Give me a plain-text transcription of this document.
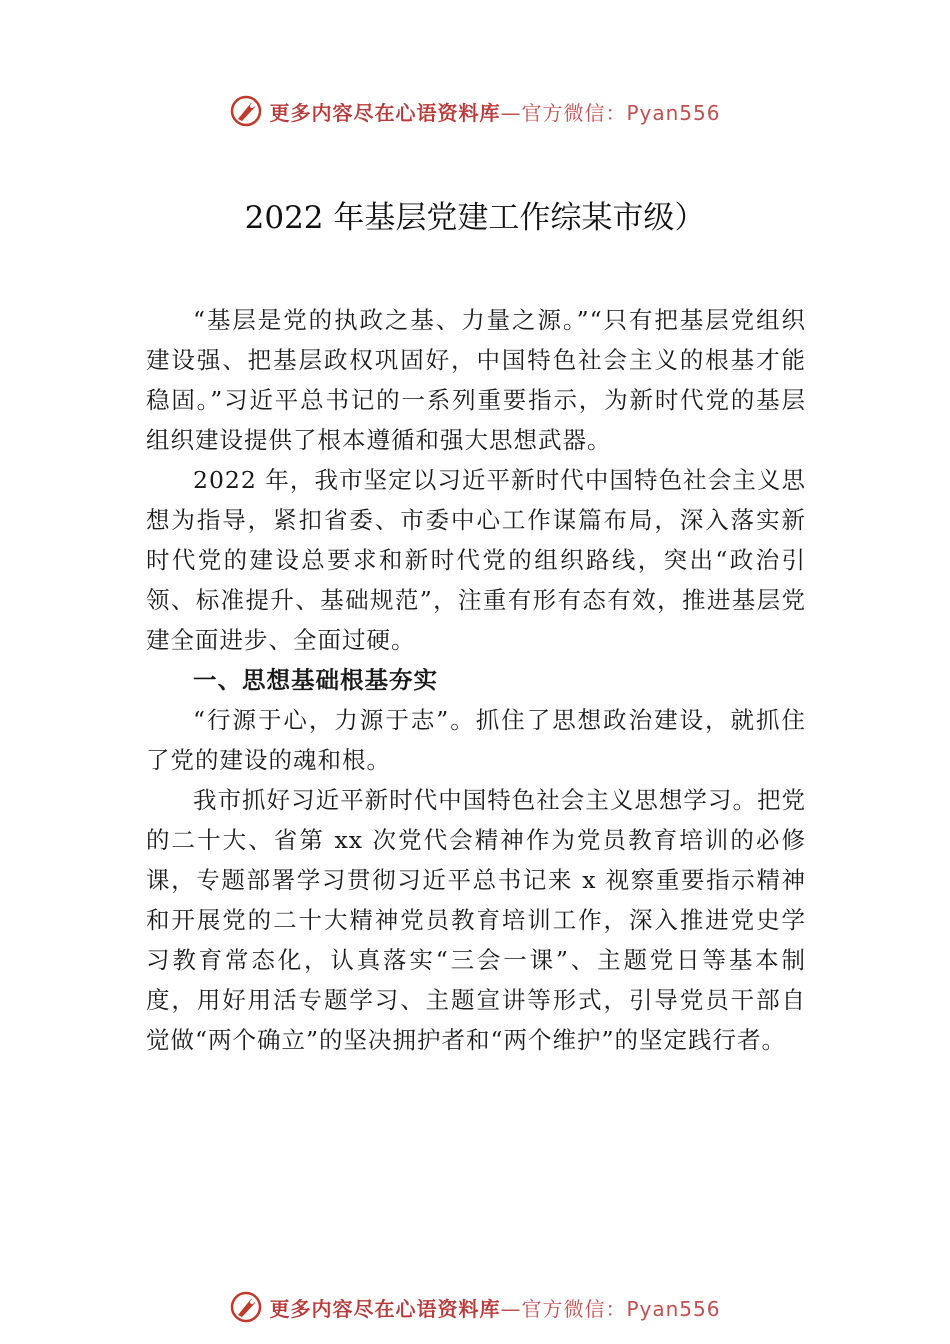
更多内容尽在心语资料库 —官方微信：Pyan556
2022 年基层党建工作综某市级）

“基层是党的执政之基、力量之源。”“只有把基层党组织建设强、把基层政权巩固好，中国特色社会主义的根基才能稳固。”习近平总书记的一系列重要指示，为新时代党的基层组织建设提供了根本遵循和强大思想武器。

2022 年，我市坚定以习近平新时代中国特色社会主义思想为指导，紧扣省委、市委中心工作谋篇布局，深入落实新时代党的建设总要求和新时代党的组织路线，突出“政治引领、标准提升、基础规范”，注重有形有态有效，推进基层党建全面进步、全面过硬。

一、思想基础根基夯实

“行源于心，力源于志”。抓住了思想政治建设，就抓住了党的建设的魂和根。

我市抓好习近平新时代中国特色社会主义思想学习。把党的二十大、省第 xx 次党代会精神作为党员教育培训的必修课，专题部署学习贯彻习近平总书记来 x 视察重要指示精神和开展党的二十大精神党员教育培训工作，深入推进党史学习教育常态化，认真落实“三会一课”、主题党日等基本制度，用好用活专题学习、主题宣讲等形式，引导党员干部自觉做“两个确立”的坚决拥护者和“两个维护”的坚定践行者。

更多内容尽在心语资料库 —官方微信：Pyan556
